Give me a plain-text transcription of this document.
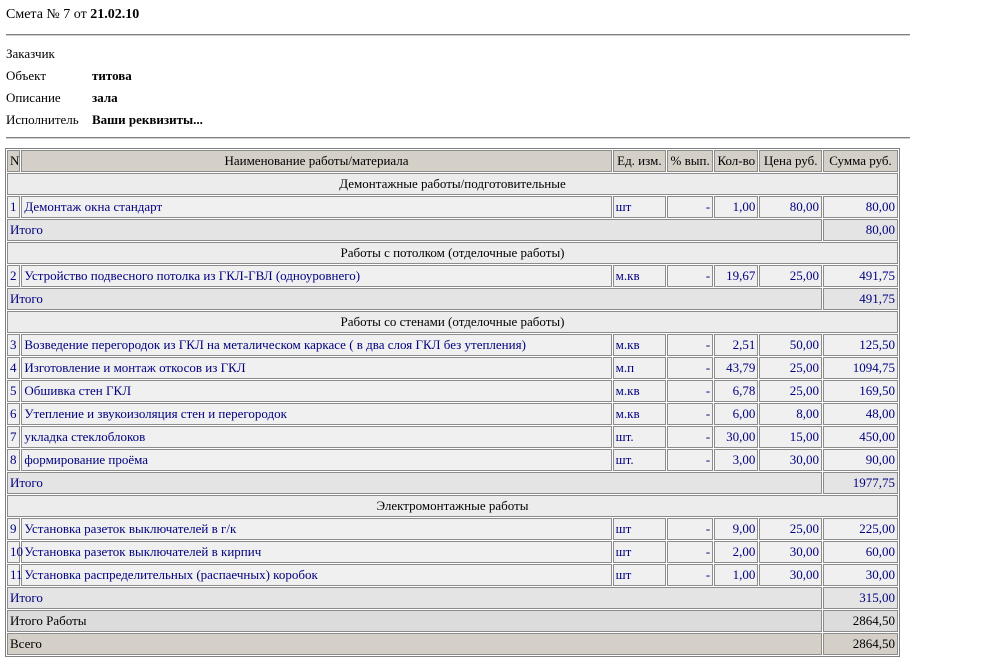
Смета № 7 от 21.02.10
Заказчик
Объект	титова
Описание зала
Исполнитель Ваши реквизиты...
N	Наименование работы/материала	Ед. изм.	% вып.	Кол-во	Цена руб.	Сумма руб.
Демонтажные работы/подготовительные						
1	Демонтаж окна стандарт	шт	-	1,00	80,00	80,00
Итого						80,00
Работы с потолком (отделочные работы)						
2	Устройство подвесного потолка из ГКЛ-ГВЛ (одноуровнего)	м.кв	-	19,67	25,00	491,75
Итого						491,75
Работы со стенами (отделочные работы)						
3	Возведение перегородок из ГКЛ на металическом каркасе ( в два слоя ГКЛ без утепления)	м.кв	-	2,51	50,00	125,50
4	Изготовление и монтаж откосов из ГКЛ	м.п	-	43,79	25,00	1094,75
5	Обшивка стен ГКЛ	м.кв	-	6,78	25,00	169,50
6	Утепление и звукоизоляция стен и перегородок	м.кв	-	6,00	8,00	48,00
7	укладка стеклоблоков	шт.	-	30,00	15,00	450,00
8	формирование проёма	шт.	-	3,00	30,00	90,00
Итого						1977,75
Электромонтажные работы						
9	Установка разеток выключателей в г/к	шт	-	9,00	25,00	225,00
10	Установка разеток выключателей в кирпич	шт	-	2,00	30,00	60,00
11	Установка распределительных (распаечных) коробок	шт	-	1,00	30,00	30,00
Итого						315,00
Итого Работы						2864,50
Всего						2864,50
